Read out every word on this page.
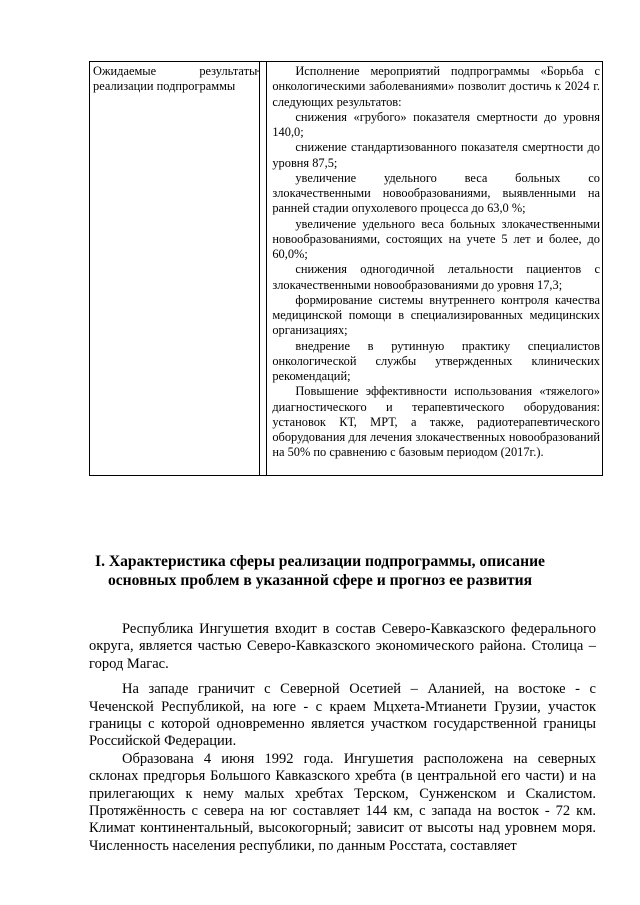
Ожидаемые результаты
реализации подпрограммы
	-	Исполнение мероприятий подпрограммы «Борьба с онкологическими заболеваниями» позволит достичь к 2024 г. следующих результатов:

снижения «грубого» показателя смертности до уровня 140,0;

снижение стандартизованного показателя смертности до уровня 87,5;

увеличение удельного веса больных со злокачественными новообразованиями, выявленными на ранней стадии опухолевого процесса до 63,0 %;

увеличение удельного веса больных злокачественными новообразованиями, состоящих на учете 5 лет и более, до 60,0%;

снижения одногодичной летальности пациентов с злокачественными новообразованиями до уровня 17,3;

формирование системы внутреннего контроля качества медицинской помощи в специализированных медицинских организациях;

внедрение в рутинную практику специалистов онкологической службы утвержденных клинических рекомендаций;

Повышение эффективности использования «тяжелого» диагностического и терапевтического оборудования: установок КТ, МРТ, а также, радиотерапевтического оборудования для лечения злокачественных новообразований на 50% по сравнению с базовым периодом (2017г.).

I. Характеристика сферы реализации подпрограммы, описание
основных проблем в указанной сфере и прогноз ее развития

Республика Ингушетия входит в состав Северо-Кавказского федерального округа, является частью Северо-Кавказского экономического района. Столица – город Магас.

На западе граничит с Северной Осетией – Аланией, на востоке - с Чеченской Республикой, на юге - с краем Мцхета-Мтианети Грузии, участок границы с которой одновременно является участком государственной границы Российской Федерации.

Образована 4 июня 1992 года. Ингушетия расположена на северных склонах предгорья Большого Кавказского хребта (в центральной его части) и на прилегающих к нему малых хребтах Терском, Сунженском и Скалистом. Протяжённость с севера на юг составляет 144 км, с запада на восток - 72 км. Климат континентальный, высокогорный; зависит от высоты над уровнем моря. Численность населения республики, по данным Росстата, составляет
